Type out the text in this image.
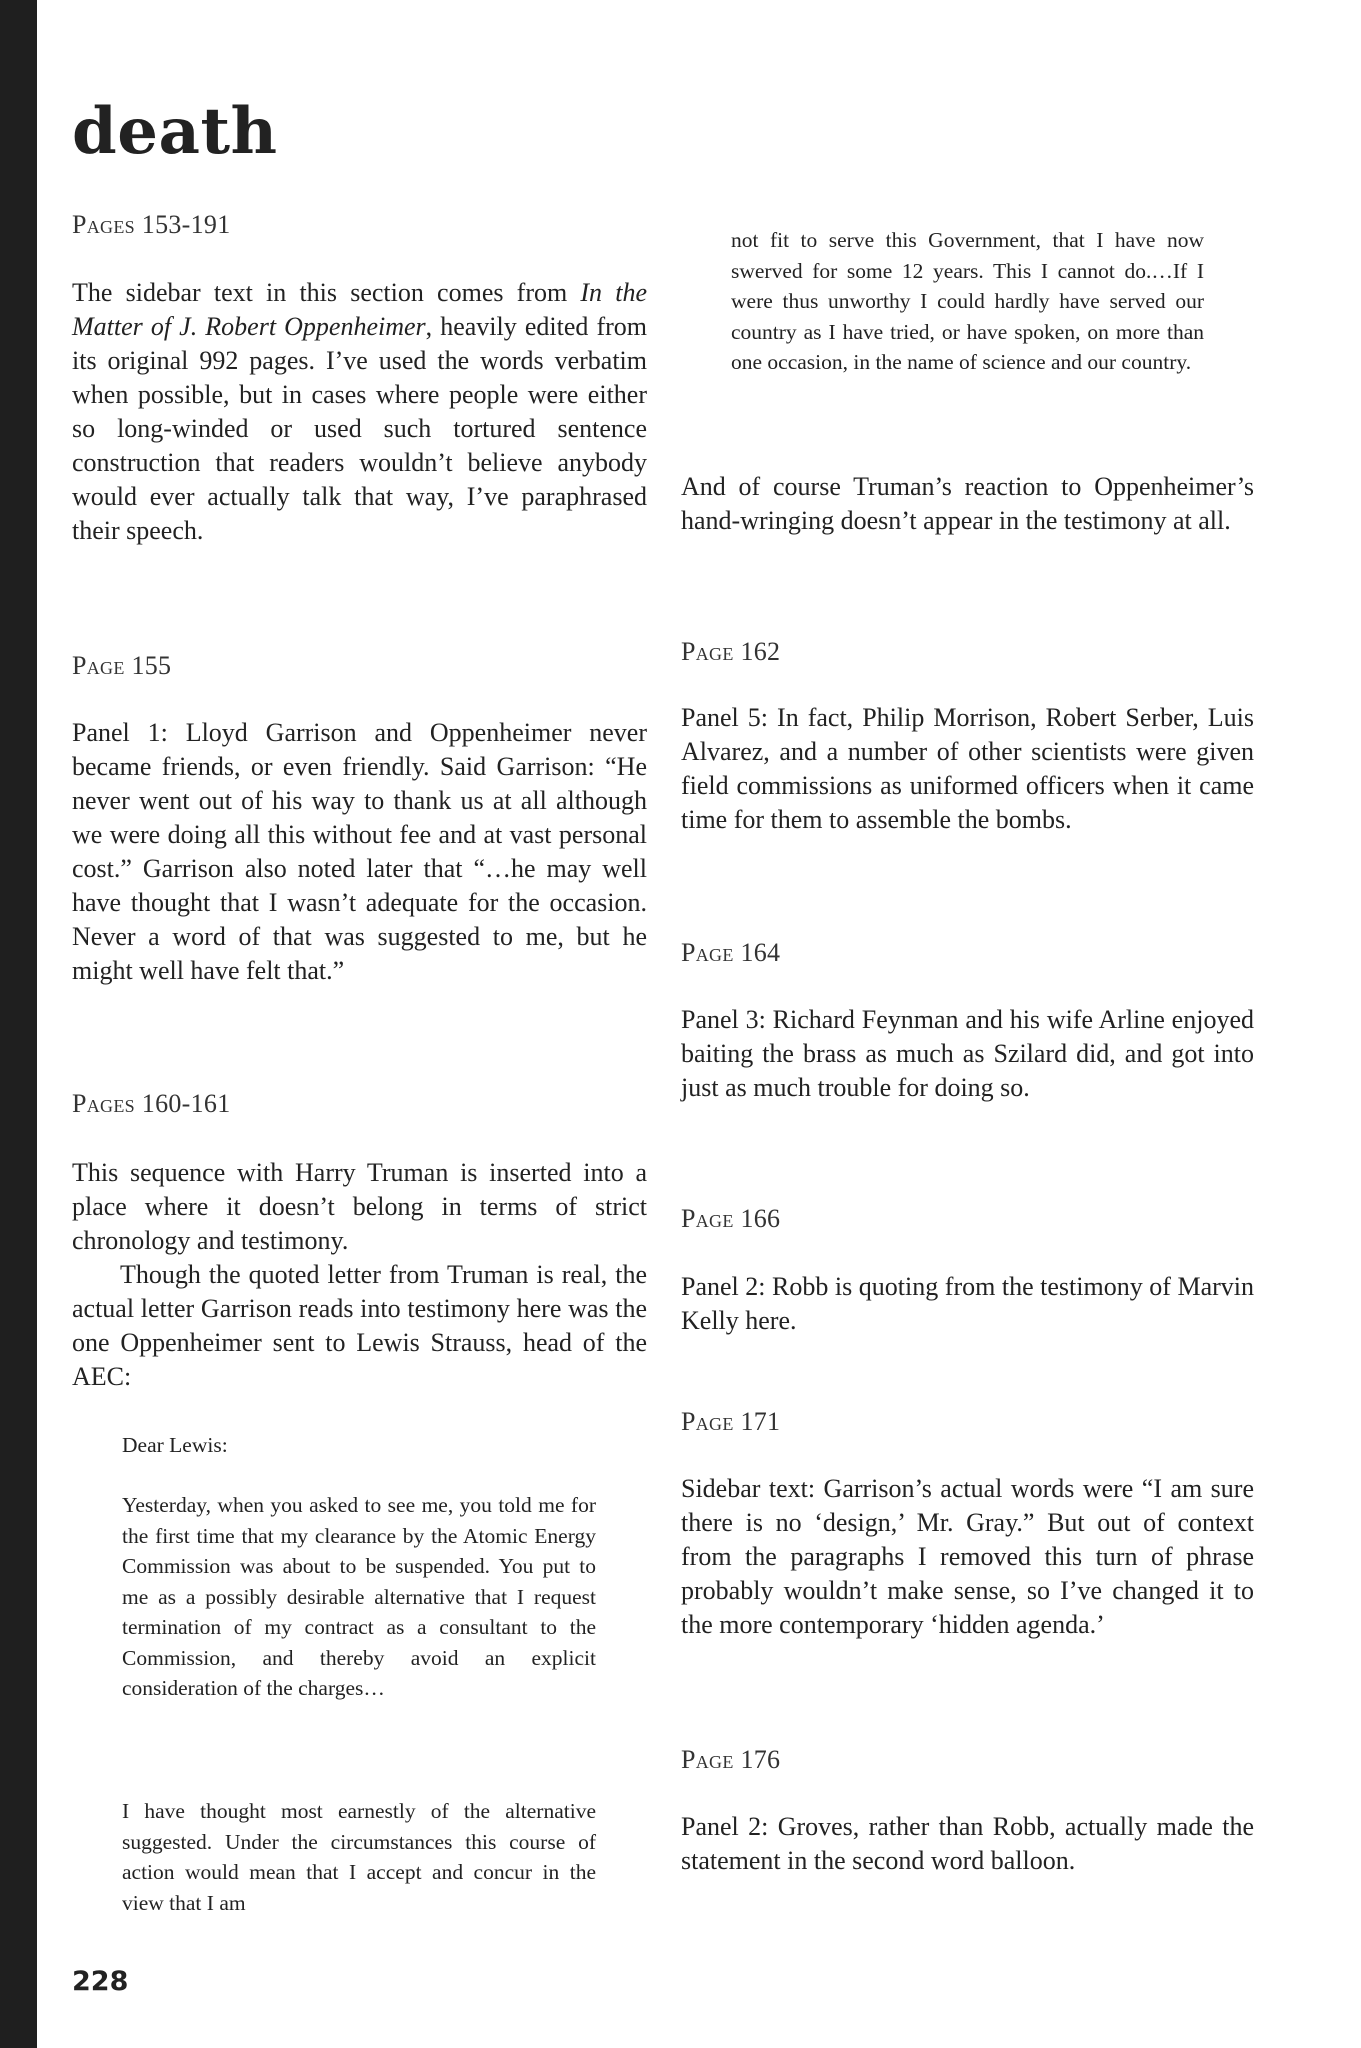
death

Pages 153-191

The sidebar text in this section comes from In the Matter of J. Robert Oppenheimer, heavily edited from its original 992 pages. I’ve used the words verbatim when possible, but in cases where people were either so long-winded or used such tortured sentence construction that readers wouldn’t believe anybody would ever actually talk that way, I’ve paraphrased their speech.

Page 155

Panel 1: Lloyd Garrison and Oppenheimer never became friends, or even friendly. Said Garrison: “He never went out of his way to thank us at all although we were doing all this without fee and at vast personal cost.” Garrison also noted later that “…he may well have thought that I wasn’t adequate for the occasion. Never a word of that was suggested to me, but he might well have felt that.”

Pages 160-161

This sequence with Harry Truman is inserted into a place where it doesn’t belong in terms of strict chronology and testimony.

Though the quoted letter from Truman is real, the actual letter Garrison reads into testimony here was the one Oppenheimer sent to Lewis Strauss, head of the AEC:

Dear Lewis:

Yesterday, when you asked to see me, you told me for the first time that my clearance by the Atomic Energy Commission was about to be suspended. You put to me as a possibly desirable alternative that I request termination of my contract as a consultant to the Commission, and thereby avoid an explicit consideration of the charges…

I have thought most earnestly of the alternative suggested. Under the circumstances this course of action would mean that I accept and concur in the view that I am

not fit to serve this Government, that I have now swerved for some 12 years. This I cannot do.…If I were thus unworthy I could hardly have served our country as I have tried, or have spoken, on more than one occasion, in the name of science and our country.

And of course Truman’s reaction to Oppenheimer’s hand-wringing doesn’t appear in the testimony at all.

Page 162

Panel 5: In fact, Philip Morrison, Robert Serber, Luis Alvarez, and a number of other scientists were given field commissions as uniformed officers when it came time for them to assemble the bombs.

Page 164

Panel 3: Richard Feynman and his wife Arline enjoyed baiting the brass as much as Szilard did, and got into just as much trouble for doing so.

Page 166

Panel 2: Robb is quoting from the testimony of Marvin Kelly here.

Page 171

Sidebar text: Garrison’s actual words were “I am sure there is no ‘design,’ Mr. Gray.” But out of context from the paragraphs I removed this turn of phrase probably wouldn’t make sense, so I’ve changed it to the more contemporary ‘hidden agenda.’

Page 176

Panel 2: Groves, rather than Robb, actually made the statement in the second word balloon.

228
